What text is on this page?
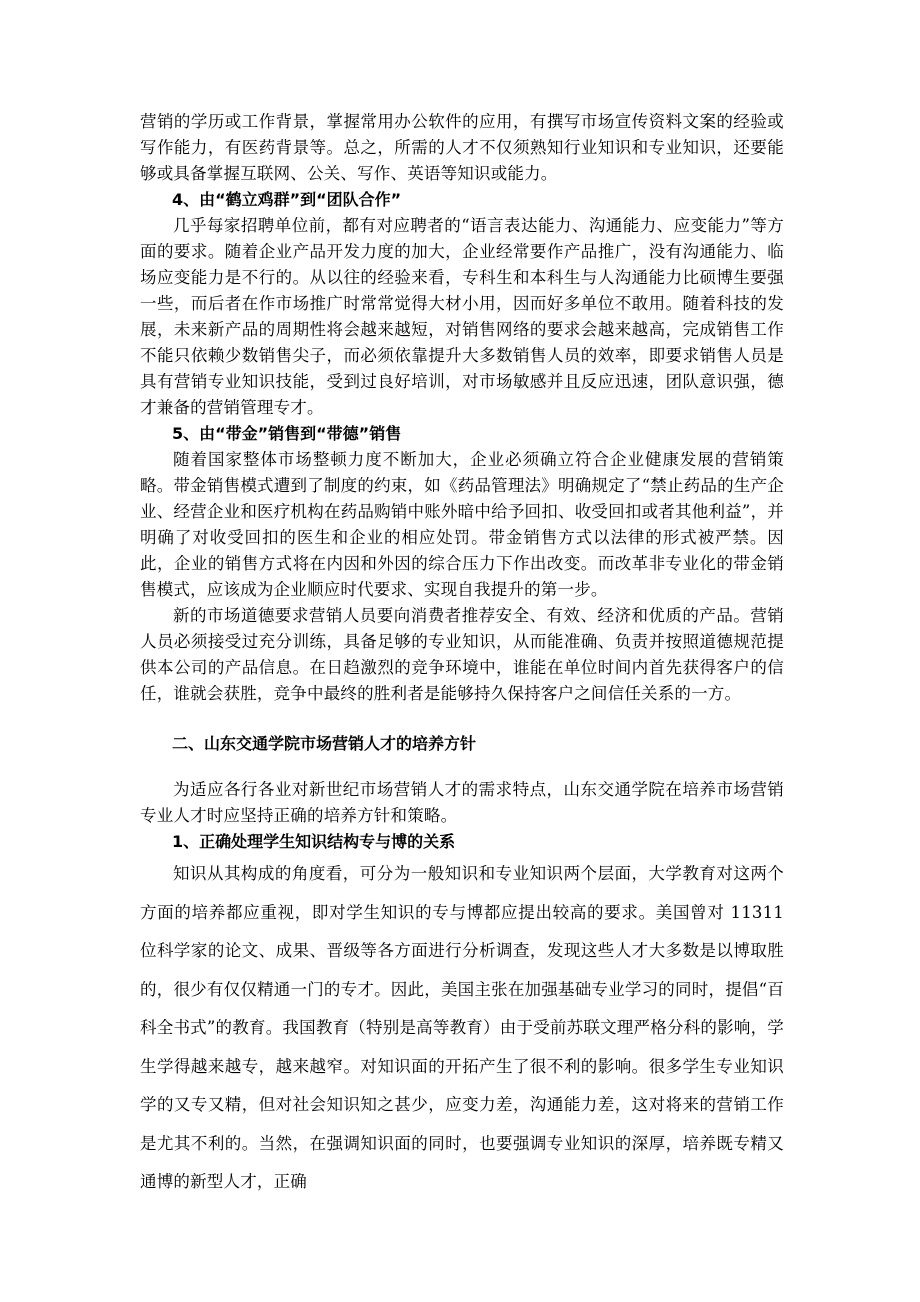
营销的学历或工作背景，掌握常用办公软件的应用，有撰写市场宣传资料文案的经验或写作能力，有医药背景等。总之，所需的人才不仅须熟知行业知识和专业知识，还要能够或具备掌握互联网、公关、写作、英语等知识或能力。

4、由“鹤立鸡群”到“团队合作”

几乎每家招聘单位前，都有对应聘者的“语言表达能力、沟通能力、应变能力”等方面的要求。随着企业产品开发力度的加大，企业经常要作产品推广，没有沟通能力、临场应变能力是不行的。从以往的经验来看，专科生和本科生与人沟通能力比硕博生要强一些，而后者在作市场推广时常常觉得大材小用，因而好多单位不敢用。随着科技的发展，未来新产品的周期性将会越来越短，对销售网络的要求会越来越高，完成销售工作不能只依赖少数销售尖子，而必须依靠提升大多数销售人员的效率，即要求销售人员是具有营销专业知识技能，受到过良好培训，对市场敏感并且反应迅速，团队意识强，德才兼备的营销管理专才。

5、由“带金”销售到“带德”销售

随着国家整体市场整顿力度不断加大，企业必须确立符合企业健康发展的营销策略。带金销售模式遭到了制度的约束，如《药品管理法》明确规定了“禁止药品的生产企业、经营企业和医疗机构在药品购销中账外暗中给予回扣、收受回扣或者其他利益”，并明确了对收受回扣的医生和企业的相应处罚。带金销售方式以法律的形式被严禁。因此，企业的销售方式将在内因和外因的综合压力下作出改变。而改革非专业化的带金销售模式，应该成为企业顺应时代要求、实现自我提升的第一步。

新的市场道德要求营销人员要向消费者推荐安全、有效、经济和优质的产品。营销人员必须接受过充分训练，具备足够的专业知识，从而能准确、负责并按照道德规范提供本公司的产品信息。在日趋激烈的竞争环境中，谁能在单位时间内首先获得客户的信任，谁就会获胜，竞争中最终的胜利者是能够持久保持客户之间信任关系的一方。

二、山东交通学院市场营销人才的培养方针

为适应各行各业对新世纪市场营销人才的需求特点，山东交通学院在培养市场营销专业人才时应坚持正确的培养方针和策略。

1、正确处理学生知识结构专与博的关系

知识从其构成的角度看，可分为一般知识和专业知识两个层面，大学教育对这两个方面的培养都应重视，即对学生知识的专与博都应提出较高的要求。美国曾对 11311 位科学家的论文、成果、晋级等各方面进行分析调查，发现这些人才大多数是以博取胜的，很少有仅仅精通一门的专才。因此，美国主张在加强基础专业学习的同时，提倡“百科全书式”的教育。我国教育（特别是高等教育）由于受前苏联文理严格分科的影响，学生学得越来越专，越来越窄。对知识面的开拓产生了很不利的影响。很多学生专业知识学的又专又精，但对社会知识知之甚少，应变力差，沟通能力差，这对将来的营销工作是尤其不利的。当然，在强调知识面的同时，也要强调专业知识的深厚，培养既专精又通博的新型人才，正确
